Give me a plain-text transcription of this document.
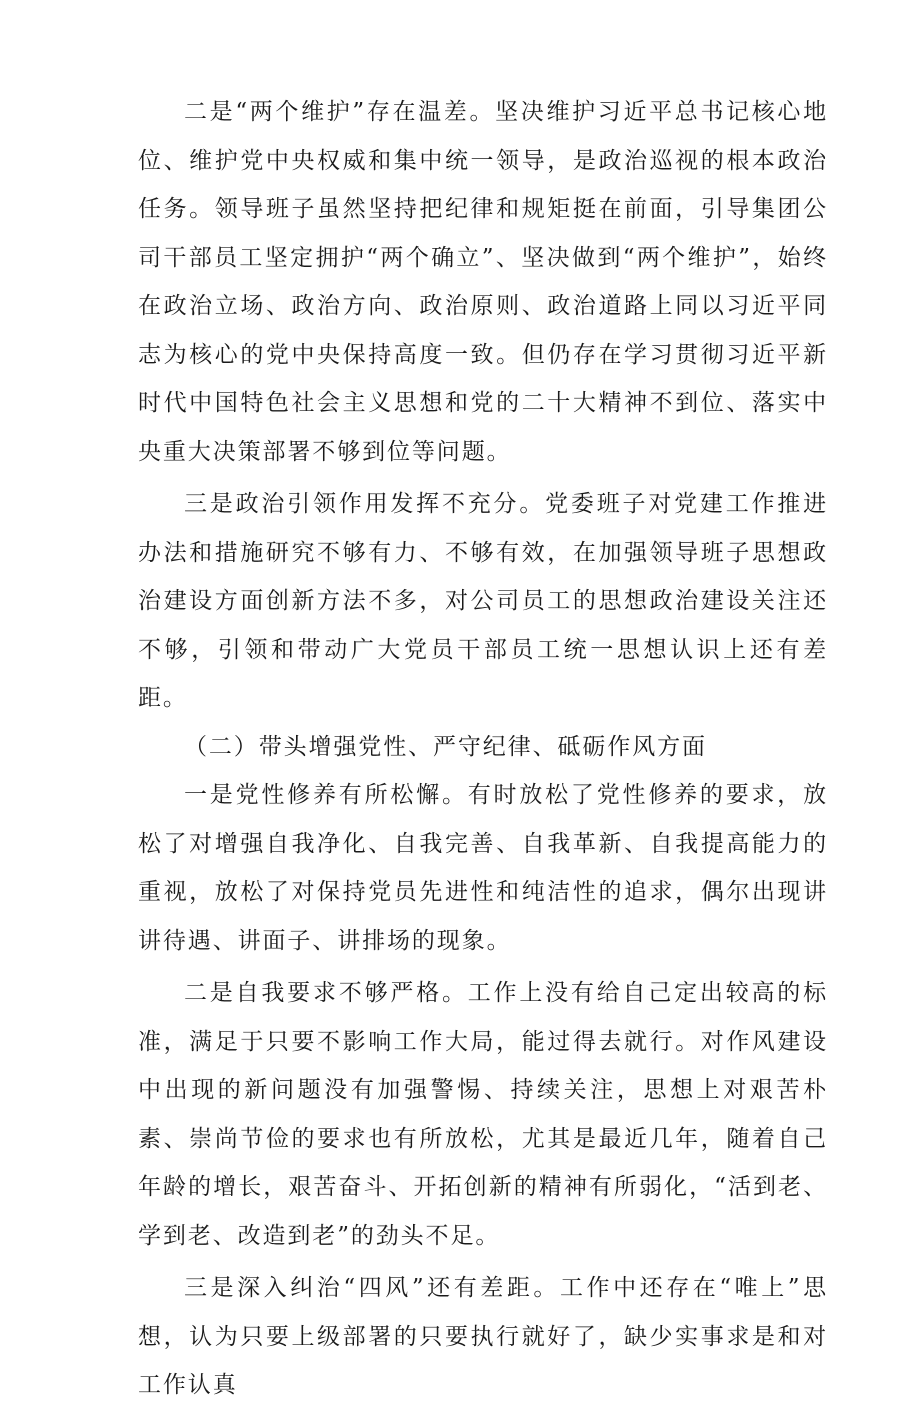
二是“两个维护”存在温差。坚决维护习近平总书记核心地位、维护党中央权威和集中统一领导，是政治巡视的根本政治任务。领导班子虽然坚持把纪律和规矩挺在前面，引导集团公司干部员工坚定拥护“两个确立”、坚决做到“两个维护”，始终在政治立场、政治方向、政治原则、政治道路上同以习近平同志为核心的党中央保持高度一致。但仍存在学习贯彻习近平新时代中国特色社会主义思想和党的二十大精神不到位、落实中央重大决策部署不够到位等问题。

三是政治引领作用发挥不充分。党委班子对党建工作推进办法和措施研究不够有力、不够有效，在加强领导班子思想政治建设方面创新方法不多，对公司员工的思想政治建设关注还不够，引领和带动广大党员干部员工统一思想认识上还有差距。

（二）带头增强党性、严守纪律、砥砺作风方面

一是党性修养有所松懈。有时放松了党性修养的要求，放松了对增强自我净化、自我完善、自我革新、自我提高能力的重视，放松了对保持党员先进性和纯洁性的追求，偶尔出现讲讲待遇、讲面子、讲排场的现象。

二是自我要求不够严格。工作上没有给自己定出较高的标准，满足于只要不影响工作大局，能过得去就行。对作风建设中出现的新问题没有加强警惕、持续关注，思想上对艰苦朴素、崇尚节俭的要求也有所放松，尤其是最近几年，随着自己年龄的增长，艰苦奋斗、开拓创新的精神有所弱化，“活到老、学到老、改造到老”的劲头不足。

三是深入纠治“四风”还有差距。工作中还存在“唯上”思想，认为只要上级部署的只要执行就好了，缺少实事求是和对工作认真
